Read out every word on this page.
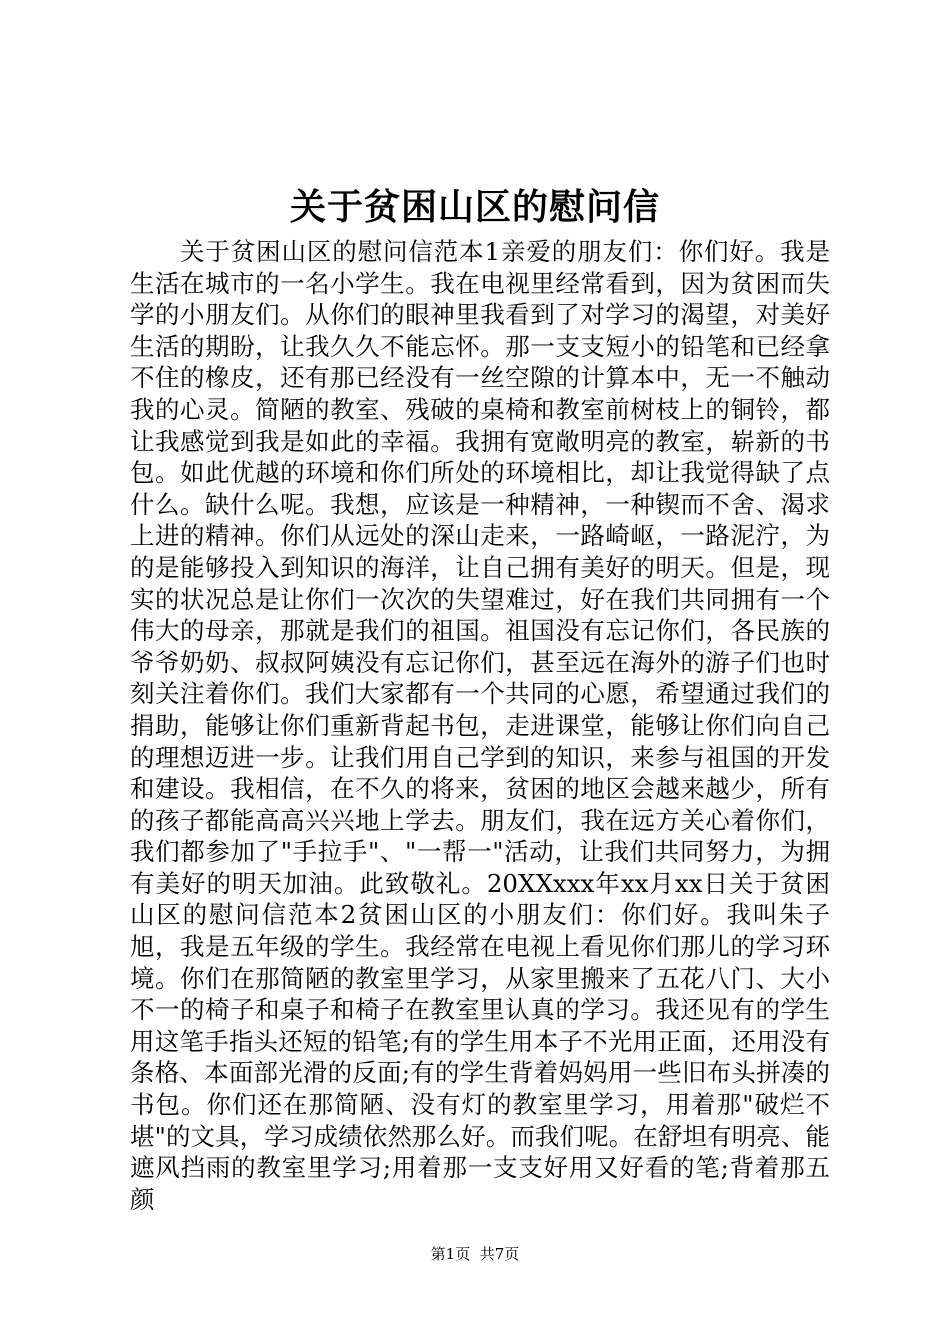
关于贫困山区的慰问信

关于贫困山区的慰问信范本1亲爱的朋友们：你们好。我是生活在城市的一名小学生。我在电视里经常看到，因为贫困而失学的小朋友们。从你们的眼神里我看到了对学习的渴望，对美好生活的期盼，让我久久不能忘怀。那一支支短小的铅笔和已经拿不住的橡皮，还有那已经没有一丝空隙的计算本中，无一不触动我的心灵。简陋的教室、残破的桌椅和教室前树枝上的铜铃，都让我感觉到我是如此的幸福。我拥有宽敞明亮的教室，崭新的书包。如此优越的环境和你们所处的环境相比，却让我觉得缺了点什么。缺什么呢。我想，应该是一种精神，一种锲而不舍、渴求上进的精神。你们从远处的深山走来，一路崎岖，一路泥泞，为的是能够投入到知识的海洋，让自己拥有美好的明天。但是，现实的状况总是让你们一次次的失望难过，好在我们共同拥有一个伟大的母亲，那就是我们的祖国。祖国没有忘记你们，各民族的爷爷奶奶、叔叔阿姨没有忘记你们，甚至远在海外的游子们也时刻关注着你们。我们大家都有一个共同的心愿，希望通过我们的捐助，能够让你们重新背起书包，走进课堂，能够让你们向自己的理想迈进一步。让我们用自己学到的知识，来参与祖国的开发和建设。我相信，在不久的将来，贫困的地区会越来越少，所有的孩子都能高高兴兴地上学去。朋友们，我在远方关心着你们，我们都参加了"手拉手"、"一帮一"活动，让我们共同努力，为拥有美好的明天加油。此致敬礼。20XXxxx年xx月xx日关于贫困山区的慰问信范本2贫困山区的小朋友们：你们好。我叫朱子旭，我是五年级的学生。我经常在电视上看见你们那儿的学习环境。你们在那简陋的教室里学习，从家里搬来了五花八门、大小不一的椅子和桌子和椅子在教室里认真的学习。我还见有的学生用这笔手指头还短的铅笔;有的学生用本子不光用正面，还用没有条格、本面部光滑的反面;有的学生背着妈妈用一些旧布头拼凑的书包。你们还在那简陋、没有灯的教室里学习，用着那"破烂不堪"的文具，学习成绩依然那么好。而我们呢。在舒坦有明亮、能遮风挡雨的教室里学习;用着那一支支好用又好看的笔;背着那五颜

第1页 共7页
